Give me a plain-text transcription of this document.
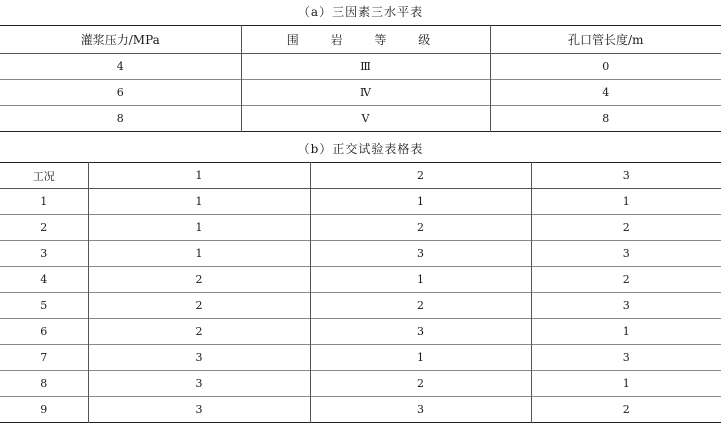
（a）三因素三水平表
灌浆压力/MPa	围 岩 等 级	孔口管长度/m
4	Ⅲ	0
6	Ⅳ	4
8	Ⅴ	8
（b）正交试验表格表
工况	1	2	3
1	1	1	1
2	1	2	2
3	1	3	3
4	2	1	2
5	2	2	3
6	2	3	1
7	3	1	3
8	3	2	1
9	3	3	2
